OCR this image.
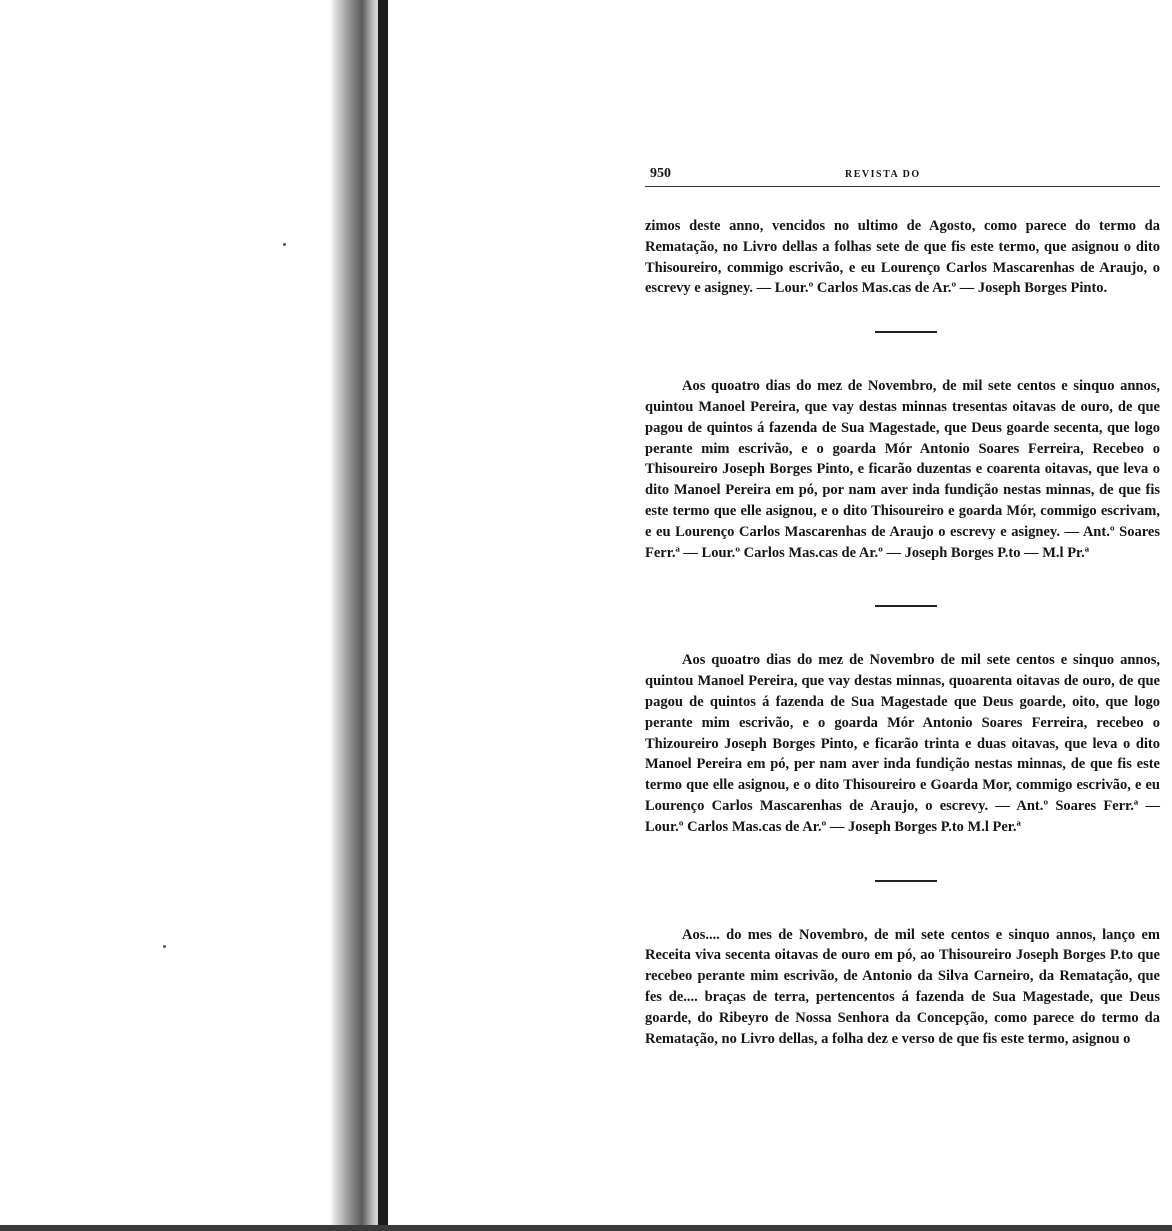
950	REVISTA DO

zimos deste anno, vencidos no ultimo de Agosto, como parece do termo da Rematação, no Livro dellas a folhas sete de que fis este termo, que asignou o dito Thisoureiro, commigo escrivão, e eu Lourenço Carlos Mascarenhas de Araujo, o escrevy e asigney. — Lour.º Carlos Mas.cas de Ar.º — Joseph Borges Pinto.

Aos quoatro dias do mez de Novembro, de mil sete centos e sinquo annos, quintou Manoel Pereira, que vay destas minnas tresentas oitavas de ouro, de que pagou de quintos á fazenda de Sua Magestade, que Deus goarde secenta, que logo perante mim escrivão, e o goarda Mór Antonio Soares Ferreira, Recebeo o Thisoureiro Joseph Borges Pinto, e ficarão duzentas e coarenta oitavas, que leva o dito Manoel Pereira em pó, por nam aver inda fundição nestas minnas, de que fis este termo que elle asignou, e o dito Thisoureiro e goarda Mór, commigo escrivam, e eu Lourenço Carlos Mascarenhas de Araujo o escrevy e asigney. — Ant.º Soares Ferr.ª — Lour.º Carlos Mas.cas de Ar.º — Joseph Borges P.to — M.l Pr.ª

Aos quoatro dias do mez de Novembro de mil sete centos e sinquo annos, quintou Manoel Pereira, que vay destas minnas, quoarenta oitavas de ouro, de que pagou de quintos á fazenda de Sua Magestade que Deus goarde, oito, que logo perante mim escrivão, e o goarda Mór Antonio Soares Ferreira, recebeo o Thizoureiro Joseph Borges Pinto, e ficarão trinta e duas oitavas, que leva o dito Manoel Pereira em pó, per nam aver inda fundição nestas minnas, de que fis este termo que elle asignou, e o dito Thisoureiro e Goarda Mor, commigo escrivão, e eu Lourenço Carlos Mascarenhas de Araujo, o escrevy. — Ant.º Soares Ferr.ª — Lour.º Carlos Mas.cas de Ar.º — Joseph Borges P.to M.l Per.ª

Aos.... do mes de Novembro, de mil sete centos e sinquo annos, lanço em Receita viva secenta oitavas de ouro em pó, ao Thisoureiro Joseph Borges P.to que recebeo perante mim escrivão, de Antonio da Silva Carneiro, da Rematação, que fes de.... braças de terra, pertencentos á fazenda de Sua Magestade, que Deus goarde, do Ribeyro de Nossa Senhora da Concepção, como parece do termo da Rematação, no Livro dellas, a folha dez e verso de que fis este termo, asignou o
